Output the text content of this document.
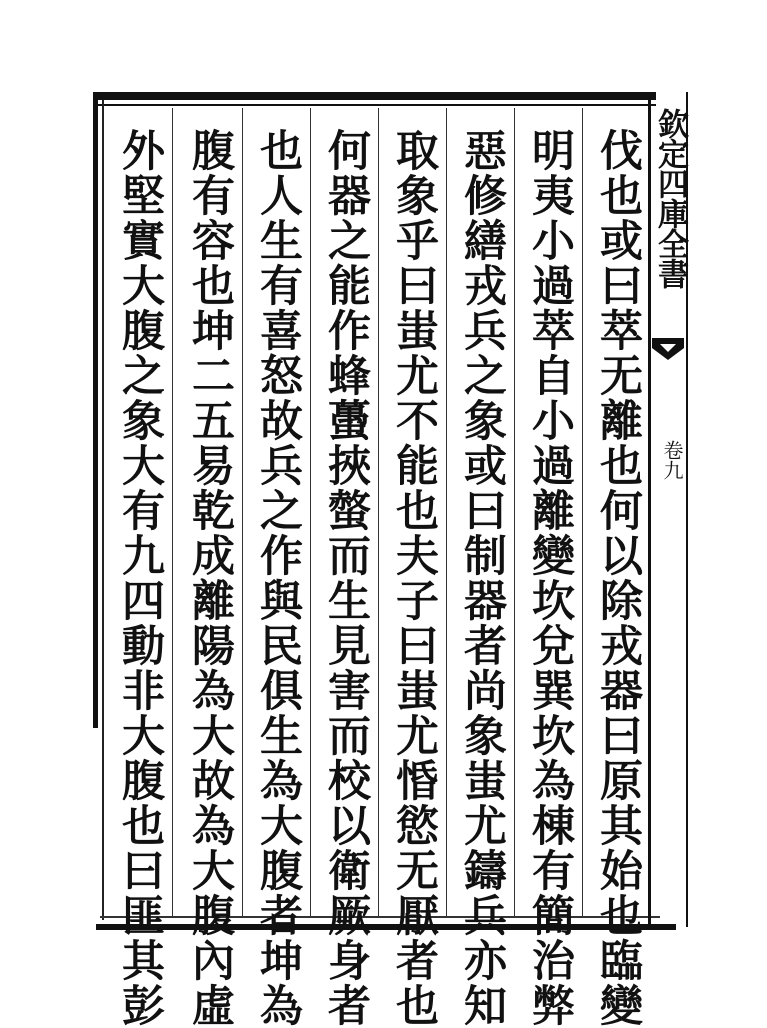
欽定四庫全書
卷九
伐也或曰萃无離也何以除戎器曰原其始也臨變
明夷小過萃自小過離變坎兌巽坎為棟有簡治弊
惡修繕戎兵之象或曰制器者尚象蚩尤鑄兵亦知
取象乎曰蚩尤不能也夫子曰蚩尤惛慾无厭者也
何器之能作蜂蠆挾螫而生見害而校以衛厥身者
也人生有喜怒故兵之作與民俱生為大腹者坤為
腹有容也坤二五易乾成離陽為大故為大腹內虛
外堅實大腹之象大有九四動非大腹也曰匪其彭
